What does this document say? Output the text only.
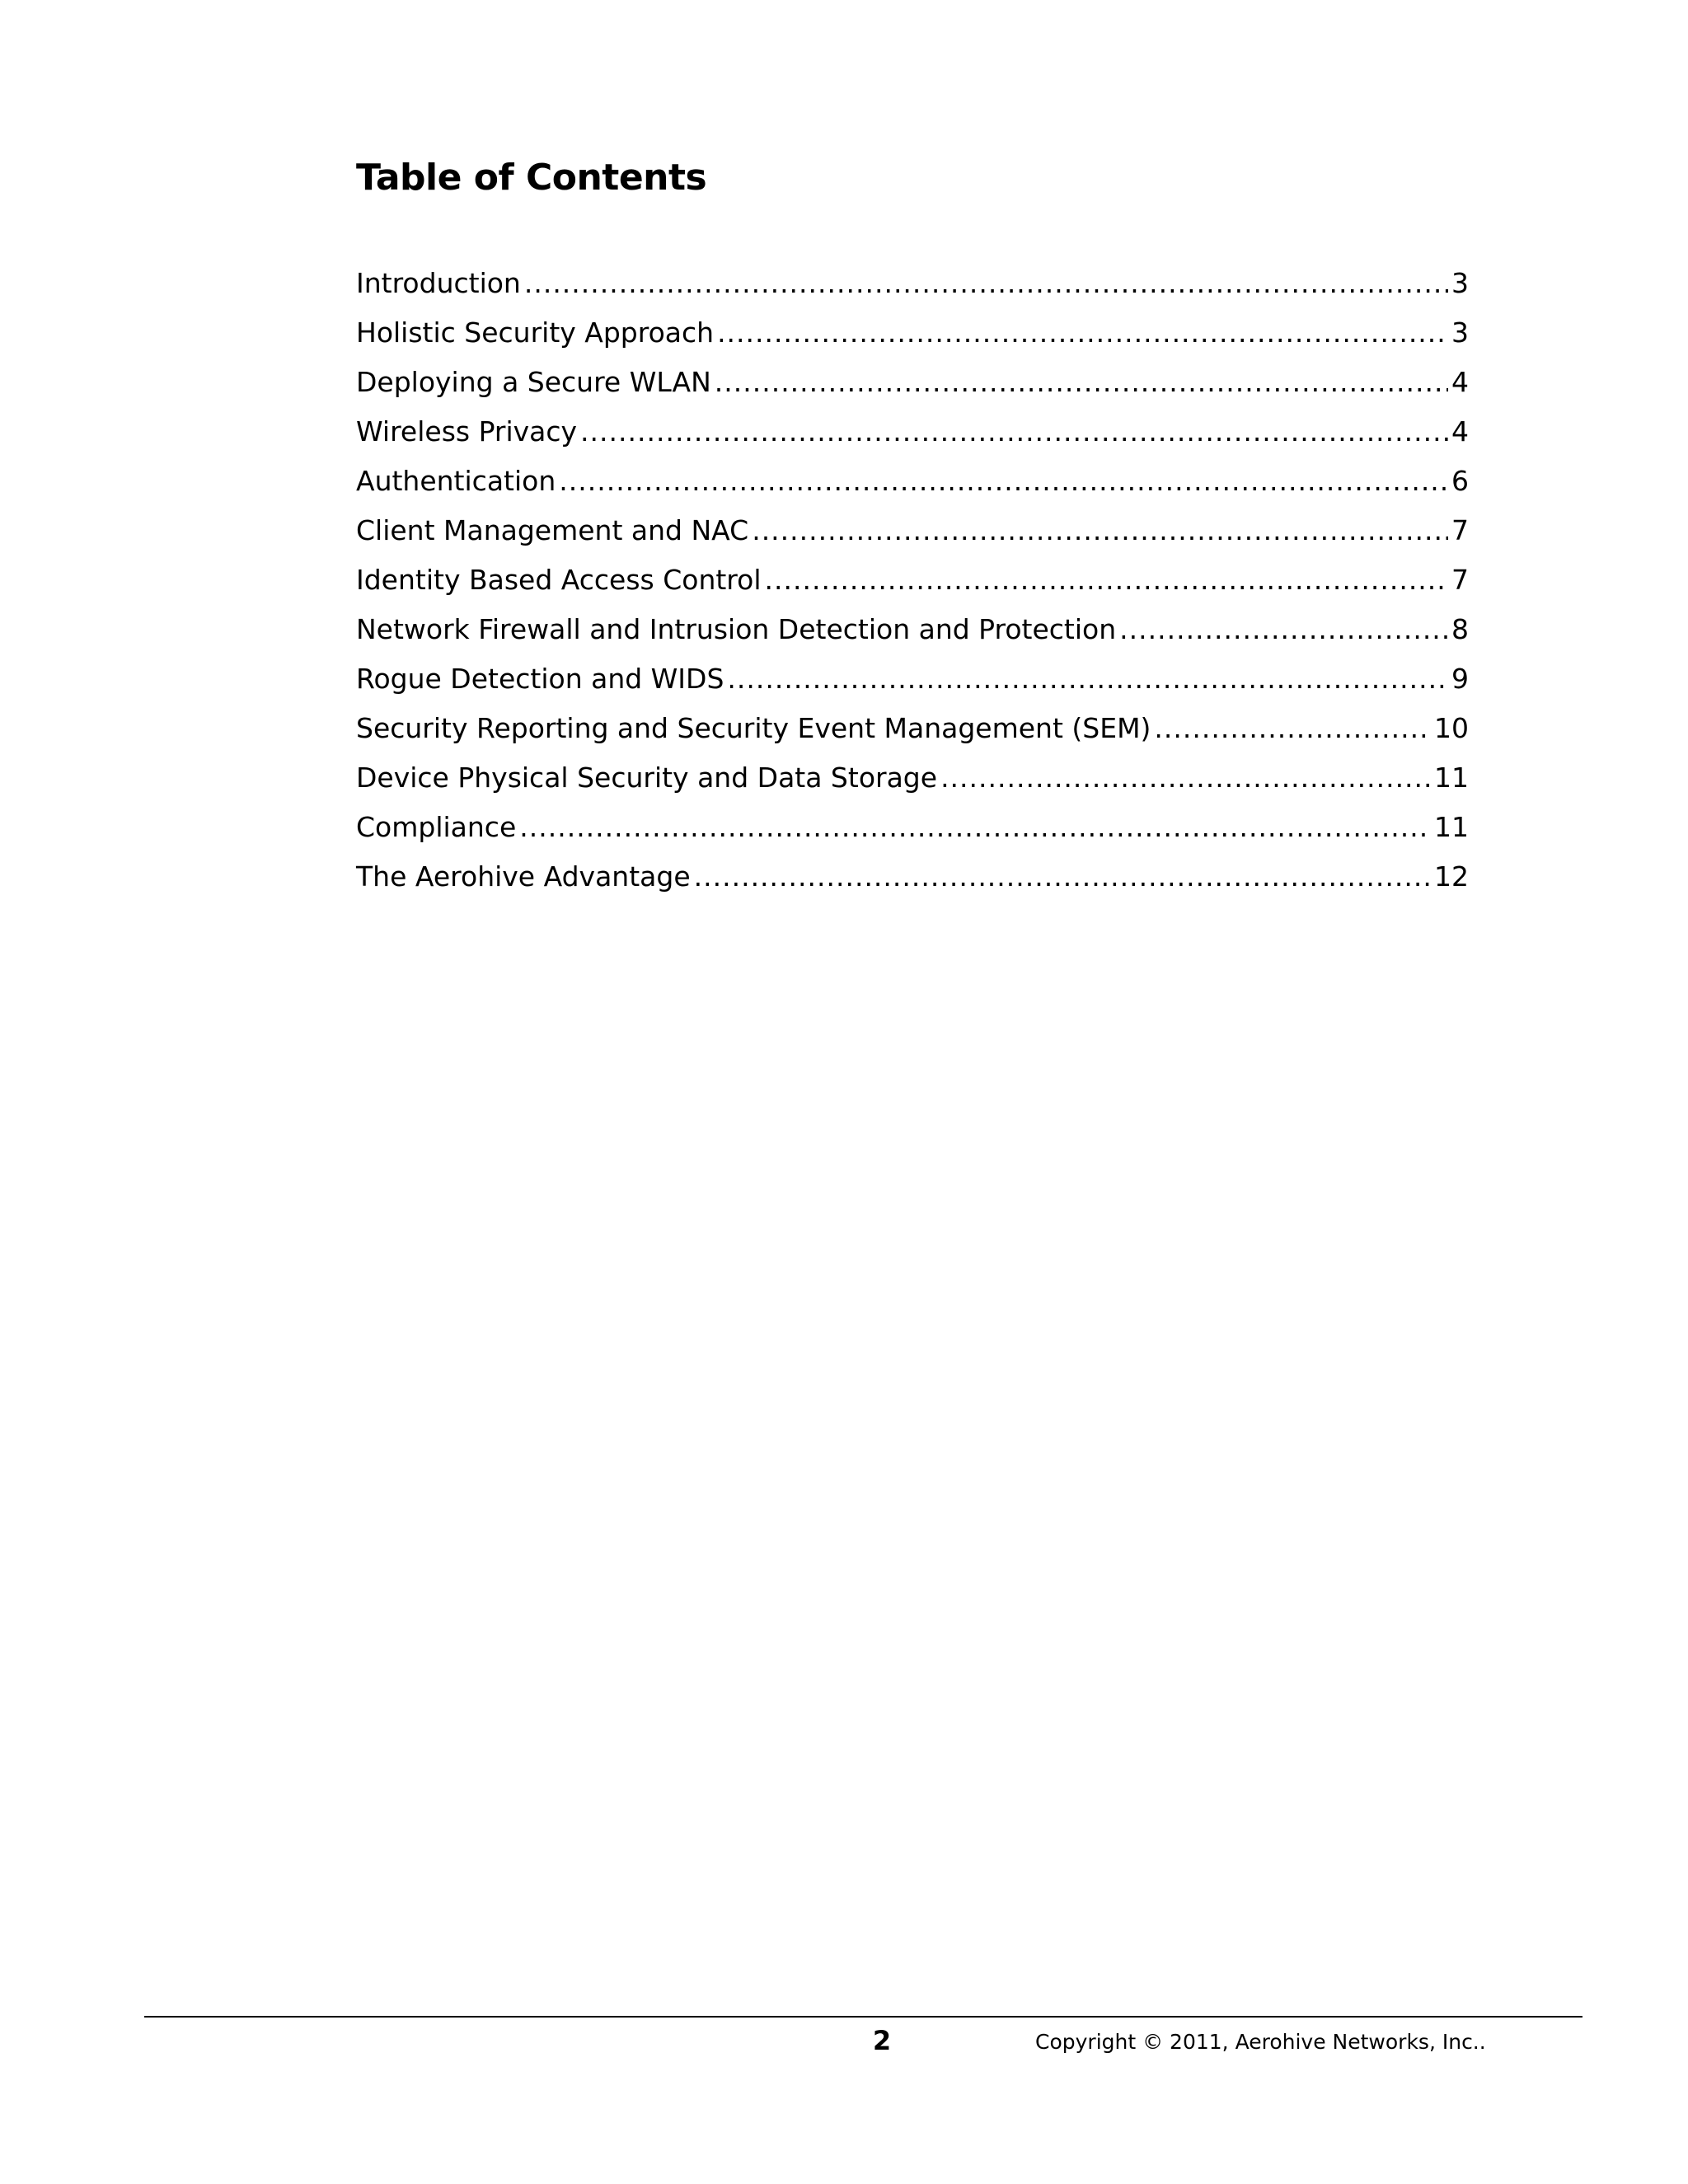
Table of Contents
Introduction .....	3
Holistic Security Approach .....	3
Deploying a Secure WLAN .....	4
Wireless Privacy .....	4
Authentication .....	6
Client Management and NAC .....	7
Identity Based Access Control .....	7
Network Firewall and Intrusion Detection and Protection .....	8
Rogue Detection and WIDS .....	9
Security Reporting and Security Event Management (SEM) .....	10
Device Physical Security and Data Storage .....	11
Compliance .....	11
The Aerohive Advantage .....	12
2	Copyright © 2011, Aerohive Networks, Inc..
